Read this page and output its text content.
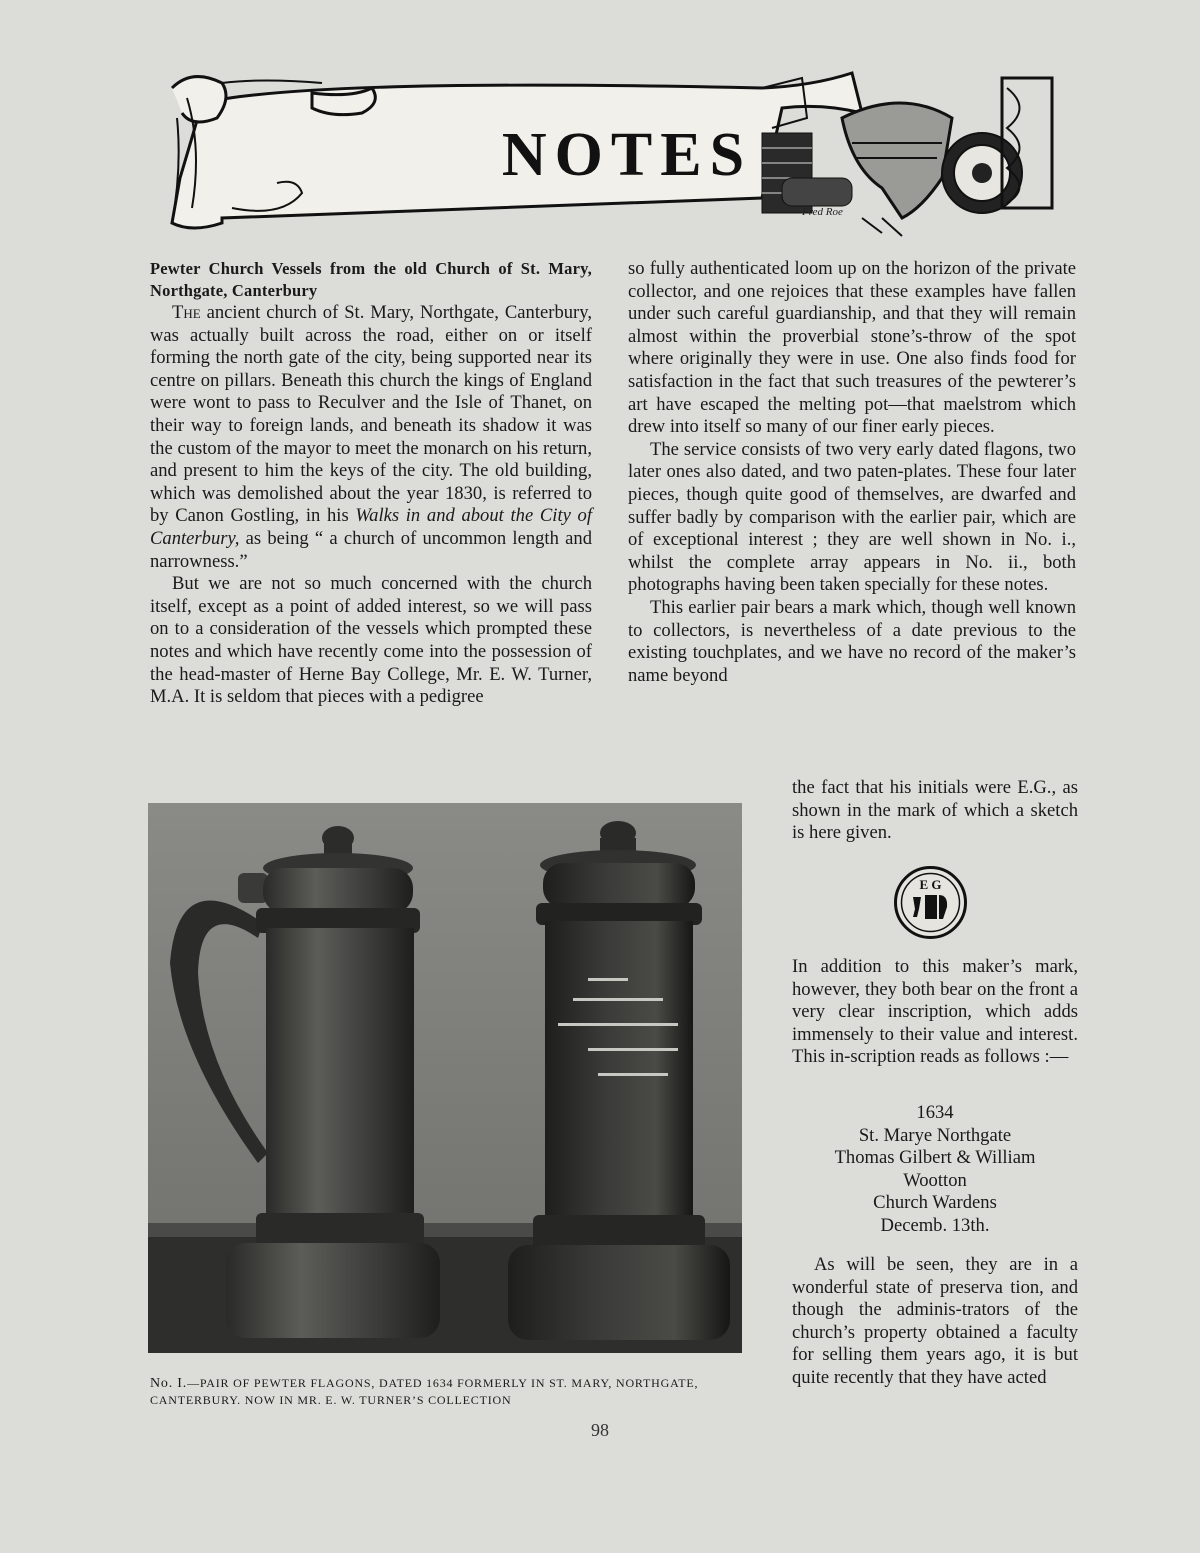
NOTES
Fred Roe

Pewter Church Vessels from the old Church of St. Mary, Northgate, Canterbury

The ancient church of St. Mary, Northgate, Canterbury, was actually built across the road, either on or itself forming the north gate of the city, being supported near its centre on pillars. Beneath this church the kings of England were wont to pass to Reculver and the Isle of Thanet, on their way to foreign lands, and beneath its shadow it was the custom of the mayor to meet the monarch on his return, and present to him the keys of the city. The old building, which was demolished about the year 1830, is referred to by Canon Gostling, in his Walks in and about the City of Canterbury, as being “ a church of uncommon length and narrowness.”

But we are not so much concerned with the church itself, except as a point of added interest, so we will pass on to a consideration of the vessels which prompted these notes and which have recently come into the possession of the head-master of Herne Bay College, Mr. E. W. Turner, M.A. It is seldom that pieces with a pedigree

so fully authenticated loom up on the horizon of the private collector, and one rejoices that these examples have fallen under such careful guardianship, and that they will remain almost within the proverbial stone’s-throw of the spot where originally they were in use. One also finds food for satisfaction in the fact that such treasures of the pewterer’s art have escaped the melting pot—that maelstrom which drew into itself so many of our finer early pieces.

The service consists of two very early dated flagons, two later ones also dated, and two paten-plates. These four later pieces, though quite good of themselves, are dwarfed and suffer badly by comparison with the earlier pair, which are of exceptional interest ; they are well shown in No. i., whilst the complete array appears in No. ii., both photographs having been taken specially for these notes.

This earlier pair bears a mark which, though well known to collectors, is nevertheless of a date previous to the existing touchplates, and we have no record of the maker’s name beyond

the fact that his initials were E.G., as shown in the mark of which a sketch is here given.

E G

In addition to this maker’s mark, however, they both bear on the front a very clear inscription, which adds immensely to their value and interest. This in-scription reads as follows :—

1634
St. Marye Northgate
Thomas Gilbert & William
Wootton
Church Wardens
Decemb. 13th.

As will be seen, they are in a wonderful state of preserva tion, and though the adminis-trators of the church’s property obtained a faculty for selling them years ago, it is but quite recently that they have acted

No. I.—PAIR OF PEWTER FLAGONS, DATED 1634 FORMERLY IN ST. MARY, NORTHGATE, CANTERBURY. NOW IN MR. E. W. TURNER’S COLLECTION
98
